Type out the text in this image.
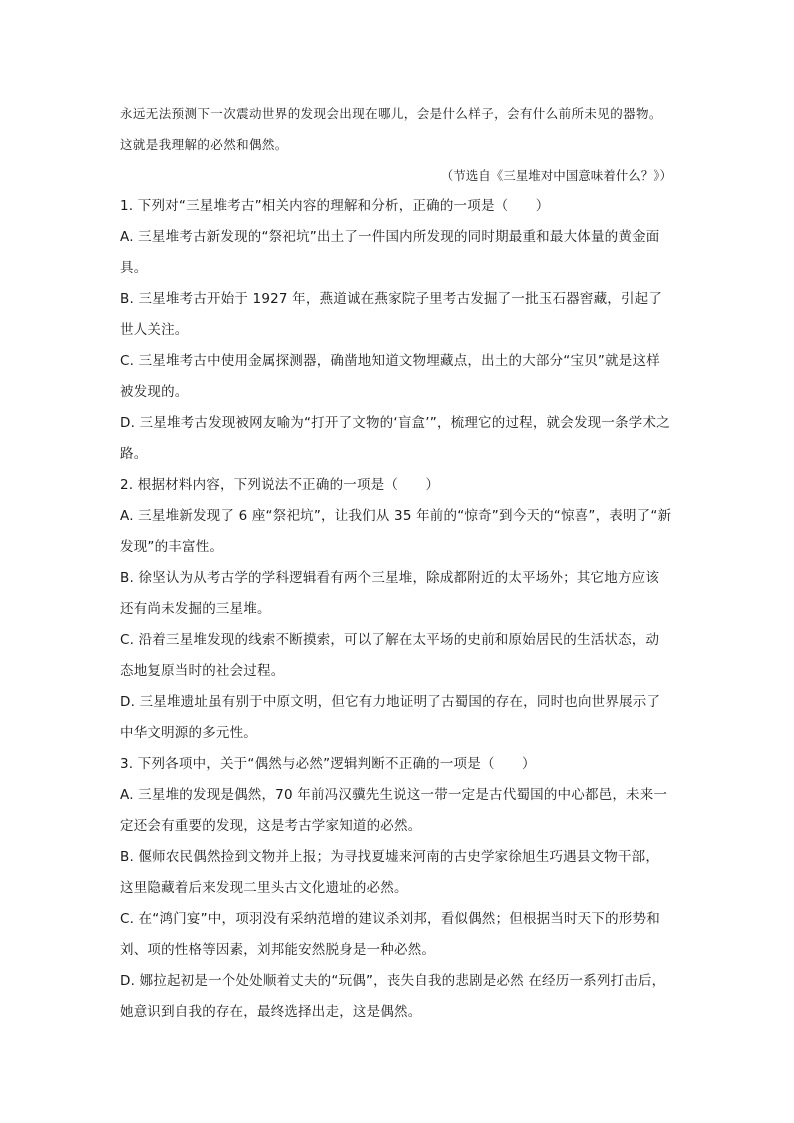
永远无法预测下一次震动世界的发现会出现在哪儿，会是什么样子，会有什么前所未见的器物。这就是我理解的必然和偶然。
（节选自《三星堆对中国意味着什么？》）

1. 下列对“三星堆考古”相关内容的理解和分析，正确的一项是（　　）

A. 三星堆考古新发现的“祭祀坑”出土了一件国内所发现的同时期最重和最大体量的黄金面具。

B. 三星堆考古开始于 1927 年，燕道诚在燕家院子里考古发掘了一批玉石器窖藏，引起了世人关注。

C. 三星堆考古中使用金属探测器，确凿地知道文物埋藏点，出土的大部分“宝贝”就是这样被发现的。

D. 三星堆考古发现被网友喻为“打开了文物的‘盲盒’”，梳理它的过程，就会发现一条学术之路。

2. 根据材料内容，下列说法不正确的一项是（　　）

A. 三星堆新发现了 6 座“祭祀坑”，让我们从 35 年前的“惊奇”到今天的“惊喜”，表明了“新发现”的丰富性。

B. 徐坚认为从考古学的学科逻辑看有两个三星堆，除成都附近的太平场外；其它地方应该还有尚未发掘的三星堆。

C. 沿着三星堆发现的线索不断摸索，可以了解在太平场的史前和原始居民的生活状态，动态地复原当时的社会过程。

D. 三星堆遗址虽有别于中原文明，但它有力地证明了古蜀国的存在，同时也向世界展示了中华文明源的多元性。

3. 下列各项中，关于“偶然与必然”逻辑判断不正确的一项是（　　）

A. 三星堆的发现是偶然，70 年前冯汉骥先生说这一带一定是古代蜀国的中心都邑，未来一定还会有重要的发现，这是考古学家知道的必然。

B. 偃师农民偶然捡到文物并上报；为寻找夏墟来河南的古史学家徐旭生巧遇县文物干部，这里隐藏着后来发现二里头古文化遗址的必然。

C. 在“鸿门宴”中，项羽没有采纳范增的建议杀刘邦，看似偶然；但根据当时天下的形势和刘、项的性格等因素，刘邦能安然脱身是一种必然。

D. 娜拉起初是一个处处顺着丈夫的“玩偶”，丧失自我的悲剧是必然 在经历一系列打击后，她意识到自我的存在，最终选择出走，这是偶然。
